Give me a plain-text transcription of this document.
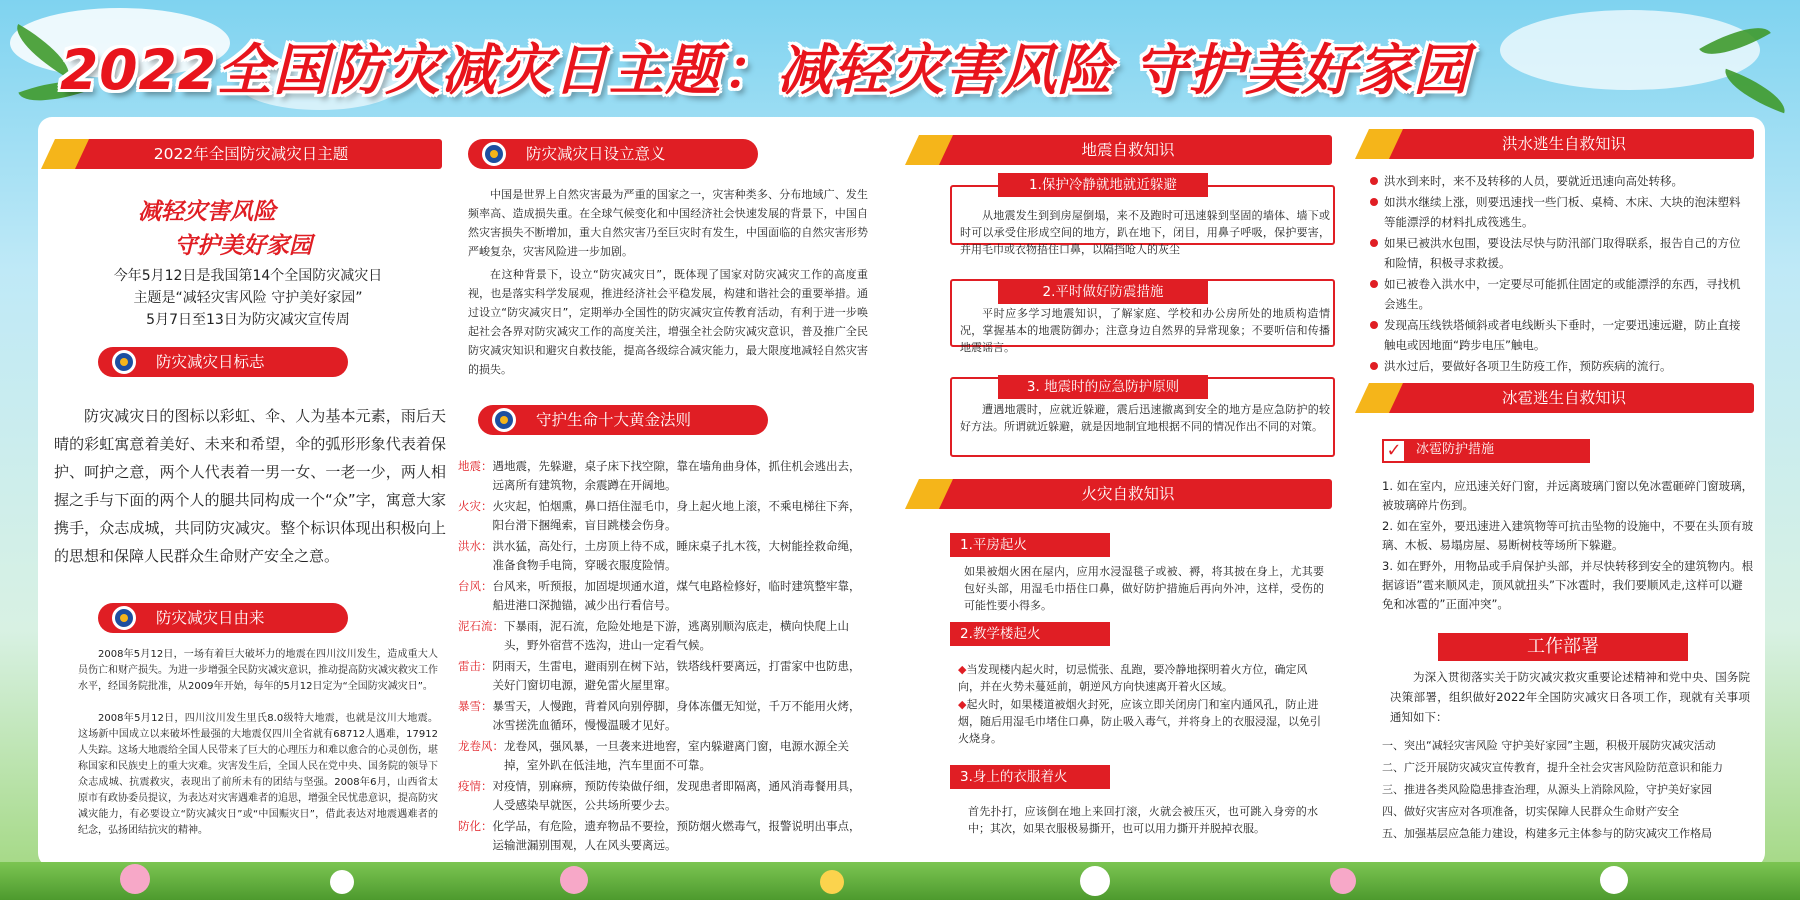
2022全国防灾减灾日主题：减轻灾害风险 守护美好家园
2022年全国防灾减灾日主题
减轻灾害风险
守护美好家园
今年5月12日是我国第14个全国防灾减灾日
主题是“减轻灾害风险 守护美好家园”
5月7日至13日为防灾减灾宣传周
防灾减灾日标志
防灾减灾日的图标以彩虹、伞、人为基本元素，雨后天晴的彩虹寓意着美好、未来和希望，伞的弧形形象代表着保护、呵护之意，两个人代表着一男一女、一老一少，两人相握之手与下面的两个人的腿共同构成一个“众”字，寓意大家携手，众志成城，共同防灾减灾。整个标识体现出积极向上的思想和保障人民群众生命财产安全之意。
防灾减灾日由来
2008年5月12日，一场有着巨大破坏力的地震在四川汶川发生，造成重大人员伤亡和财产损失。为进一步增强全民防灾减灾意识，推动提高防灾减灾救灾工作水平，经国务院批准，从2009年开始，每年的5月12日定为“全国防灾减灾日”。
2008年5月12日，四川汶川发生里氏8.0级特大地震，也就是汶川大地震。这场新中国成立以来破坏性最强的大地震仅四川全省就有68712人遇难，17912人失踪。这场大地震给全国人民带来了巨大的心理压力和难以愈合的心灵创伤，堪称国家和民族史上的重大灾难。灾害发生后，全国人民在党中央、国务院的领导下众志成城、抗震救灾，表现出了前所未有的团结与坚强。2008年6月，山西省太原市有政协委员提议，为表达对灾害遇难者的追思，增强全民忧患意识，提高防灾减灾能力，有必要设立“防灾减灾日”或“中国赈灾日”，借此表达对地震遇难者的纪念，弘扬团结抗灾的精神。
防灾减灾日设立意义
中国是世界上自然灾害最为严重的国家之一，灾害种类多、分布地域广、发生频率高、造成损失重。在全球气候变化和中国经济社会快速发展的背景下，中国自然灾害损失不断增加，重大自然灾害乃至巨灾时有发生，中国面临的自然灾害形势严峻复杂，灾害风险进一步加剧。
在这种背景下，设立“防灾减灾日”，既体现了国家对防灾减灾工作的高度重视，也是落实科学发展观，推进经济社会平稳发展，构建和谐社会的重要举措。通过设立“防灾减灾日”，定期举办全国性的防灾减灾宣传教育活动，有利于进一步唤起社会各界对防灾减灾工作的高度关注，增强全社会防灾减灾意识，普及推广全民防灾减灾知识和避灾自救技能，提高各级综合减灾能力，最大限度地减轻自然灾害的损失。
守护生命十大黄金法则
地震： 遇地震，先躲避，桌子床下找空隙，靠在墙角曲身体，抓住机会逃出去，远离所有建筑物，余震蹲在开阔地。
火灾： 火灾起，怕烟熏，鼻口捂住湿毛巾，身上起火地上滚，不乘电梯往下奔，阳台滑下捆绳索，盲目跳楼会伤身。
洪水： 洪水猛，高处行，土房顶上待不成，睡床桌子扎木筏，大树能拴救命绳，准备食物手电筒，穿暖衣服度险情。
台风： 台风来，听预报，加固堤坝通水道，煤气电路检修好，临时建筑整牢靠，船进港口深抛锚，减少出行看信号。
泥石流： 下暴雨，泥石流，危险处地是下游，逃离别顺沟底走，横向快爬上山头，野外宿营不选沟，进山一定看气候。
雷击： 阴雨天，生雷电，避雨别在树下站，铁塔线杆要离远，打雷家中也防患，关好门窗切电源，避免雷火屋里窜。
暴雪： 暴雪天，人慢跑，背着风向别停脚，身体冻僵无知觉，千万不能用火烤，冰雪搓洗血循环，慢慢温暖才见好。
龙卷风： 龙卷风，强风暴，一旦袭来进地窖，室内躲避离门窗，电源水源全关掉，室外趴在低洼地，汽车里面不可靠。
疫情： 对疫情，别麻痹，预防传染做仔细，发现患者即隔离，通风消毒餐用具，人受感染早就医，公共场所要少去。
防化： 化学品，有危险，遗弃物品不要捡，预防烟火燃毒气，报警说明出事点，运输泄漏别围观，人在风头要离远。
地震自救知识
1.保护冷静就地就近躲避
从地震发生到到房屋倒塌，来不及跑时可迅速躲到坚固的墙体、墙下或时可以承受住形成空间的地方，趴在地下，闭目，用鼻子呼吸，保护要害，并用毛巾或衣物捂住口鼻，以隔挡呛人的灰尘
2.平时做好防震措施
平时应多学习地震知识，了解家庭、学校和办公房所处的地质构造情况，掌握基本的地震防御办；注意身边自然界的异常现象；不要听信和传播地震谣言。
3. 地震时的应急防护原则
遭遇地震时，应就近躲避，震后迅速撤离到安全的地方是应急防护的较好方法。所谓就近躲避，就是因地制宜地根据不同的情况作出不同的对策。
火灾自救知识
1.平房起火
如果被烟火困在屋内，应用水浸湿毯子或被、褥，将其披在身上，尤其要包好头部，用湿毛巾捂住口鼻，做好防护措施后再向外冲，这样，受伤的可能性要小得多。
2.教学楼起火
◆当发现楼内起火时，切忌慌张、乱跑，要冷静地探明着火方位，确定风向，并在火势未蔓延前，朝逆风方向快速离开着火区域。
◆起火时，如果楼道被烟火封死，应该立即关闭房门和室内通风孔，防止进烟，随后用湿毛巾堵住口鼻，防止吸入毒气，并将身上的衣服浸湿，以免引火烧身。
3.身上的衣服着火
首先扑打，应该倒在地上来回打滚，火就会被压灭，也可跳入身旁的水中；其次，如果衣服极易撕开，也可以用力撕开并脱掉衣服。
洪水逃生自救知识
洪水到来时，来不及转移的人员，要就近迅速向高处转移。
如洪水继续上涨，则要迅速找一些门板、桌椅、木床、大块的泡沫塑料等能漂浮的材料扎成筏逃生。
如果已被洪水包围，要设法尽快与防汛部门取得联系，报告自己的方位和险情，积极寻求救援。
如已被卷入洪水中，一定要尽可能抓住固定的或能漂浮的东西，寻找机会逃生。
发现高压线铁塔倾斜或者电线断头下垂时，一定要迅速远避，防止直接触电或因地面“跨步电压”触电。
洪水过后，要做好各项卫生防疫工作，预防疾病的流行。
冰雹逃生自救知识
✓	冰雹防护措施
1. 如在室内，应迅速关好门窗，并远离玻璃门窗以免冰雹砸碎门窗玻璃，被玻璃碎片伤到。
2. 如在室外，要迅速进入建筑物等可抗击坠物的设施中，不要在头顶有玻璃、木板、易塌房屋、易断树枝等场所下躲避。
3. 如在野外，用物品或手肩保护头部，并尽快转移到安全的建筑物内。根据谚语”雹来顺风走，顶风就扭头”下冰雹时，我们要顺风走,这样可以避免和冰雹的”正面冲突”。
工作部署
为深入贯彻落实关于防灾减灾救灾重要论述精神和党中央、国务院决策部署，组织做好2022年全国防灾减灾日各项工作，现就有关事项通知如下：
一、突出“减轻灾害风险 守护美好家园”主题，积极开展防灾减灾活动
二、广泛开展防灾减灾宣传教育，提升全社会灾害风险防范意识和能力
三、推进各类风险隐患排查治理，从源头上消除风险，守护美好家园
四、做好灾害应对各项准备，切实保障人民群众生命财产安全
五、加强基层应急能力建设，构建多元主体参与的防灾减灾工作格局
